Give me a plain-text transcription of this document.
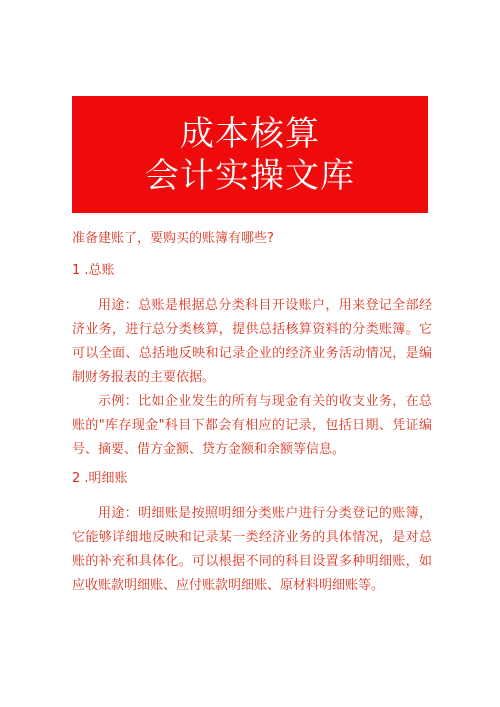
成本核算
会计实操文库

准备建账了，要购买的账簿有哪些?

1 .总账

用途：总账是根据总分类科目开设账户，用来登记全部经济业务，进行总分类核算，提供总括核算资料的分类账簿。它可以全面、总括地反映和记录企业的经济业务活动情况，是编制财务报表的主要依据。

示例：比如企业发生的所有与现金有关的收支业务，在总账的"库存现金"科目下都会有相应的记录，包括日期、凭证编号、摘要、借方金额、贷方金额和余额等信息。

2 .明细账

用途：明细账是按照明细分类账户进行分类登记的账簿，它能够详细地反映和记录某一类经济业务的具体情况，是对总账的补充和具体化。可以根据不同的科目设置多种明细账，如应收账款明细账、应付账款明细账、原材料明细账等。
